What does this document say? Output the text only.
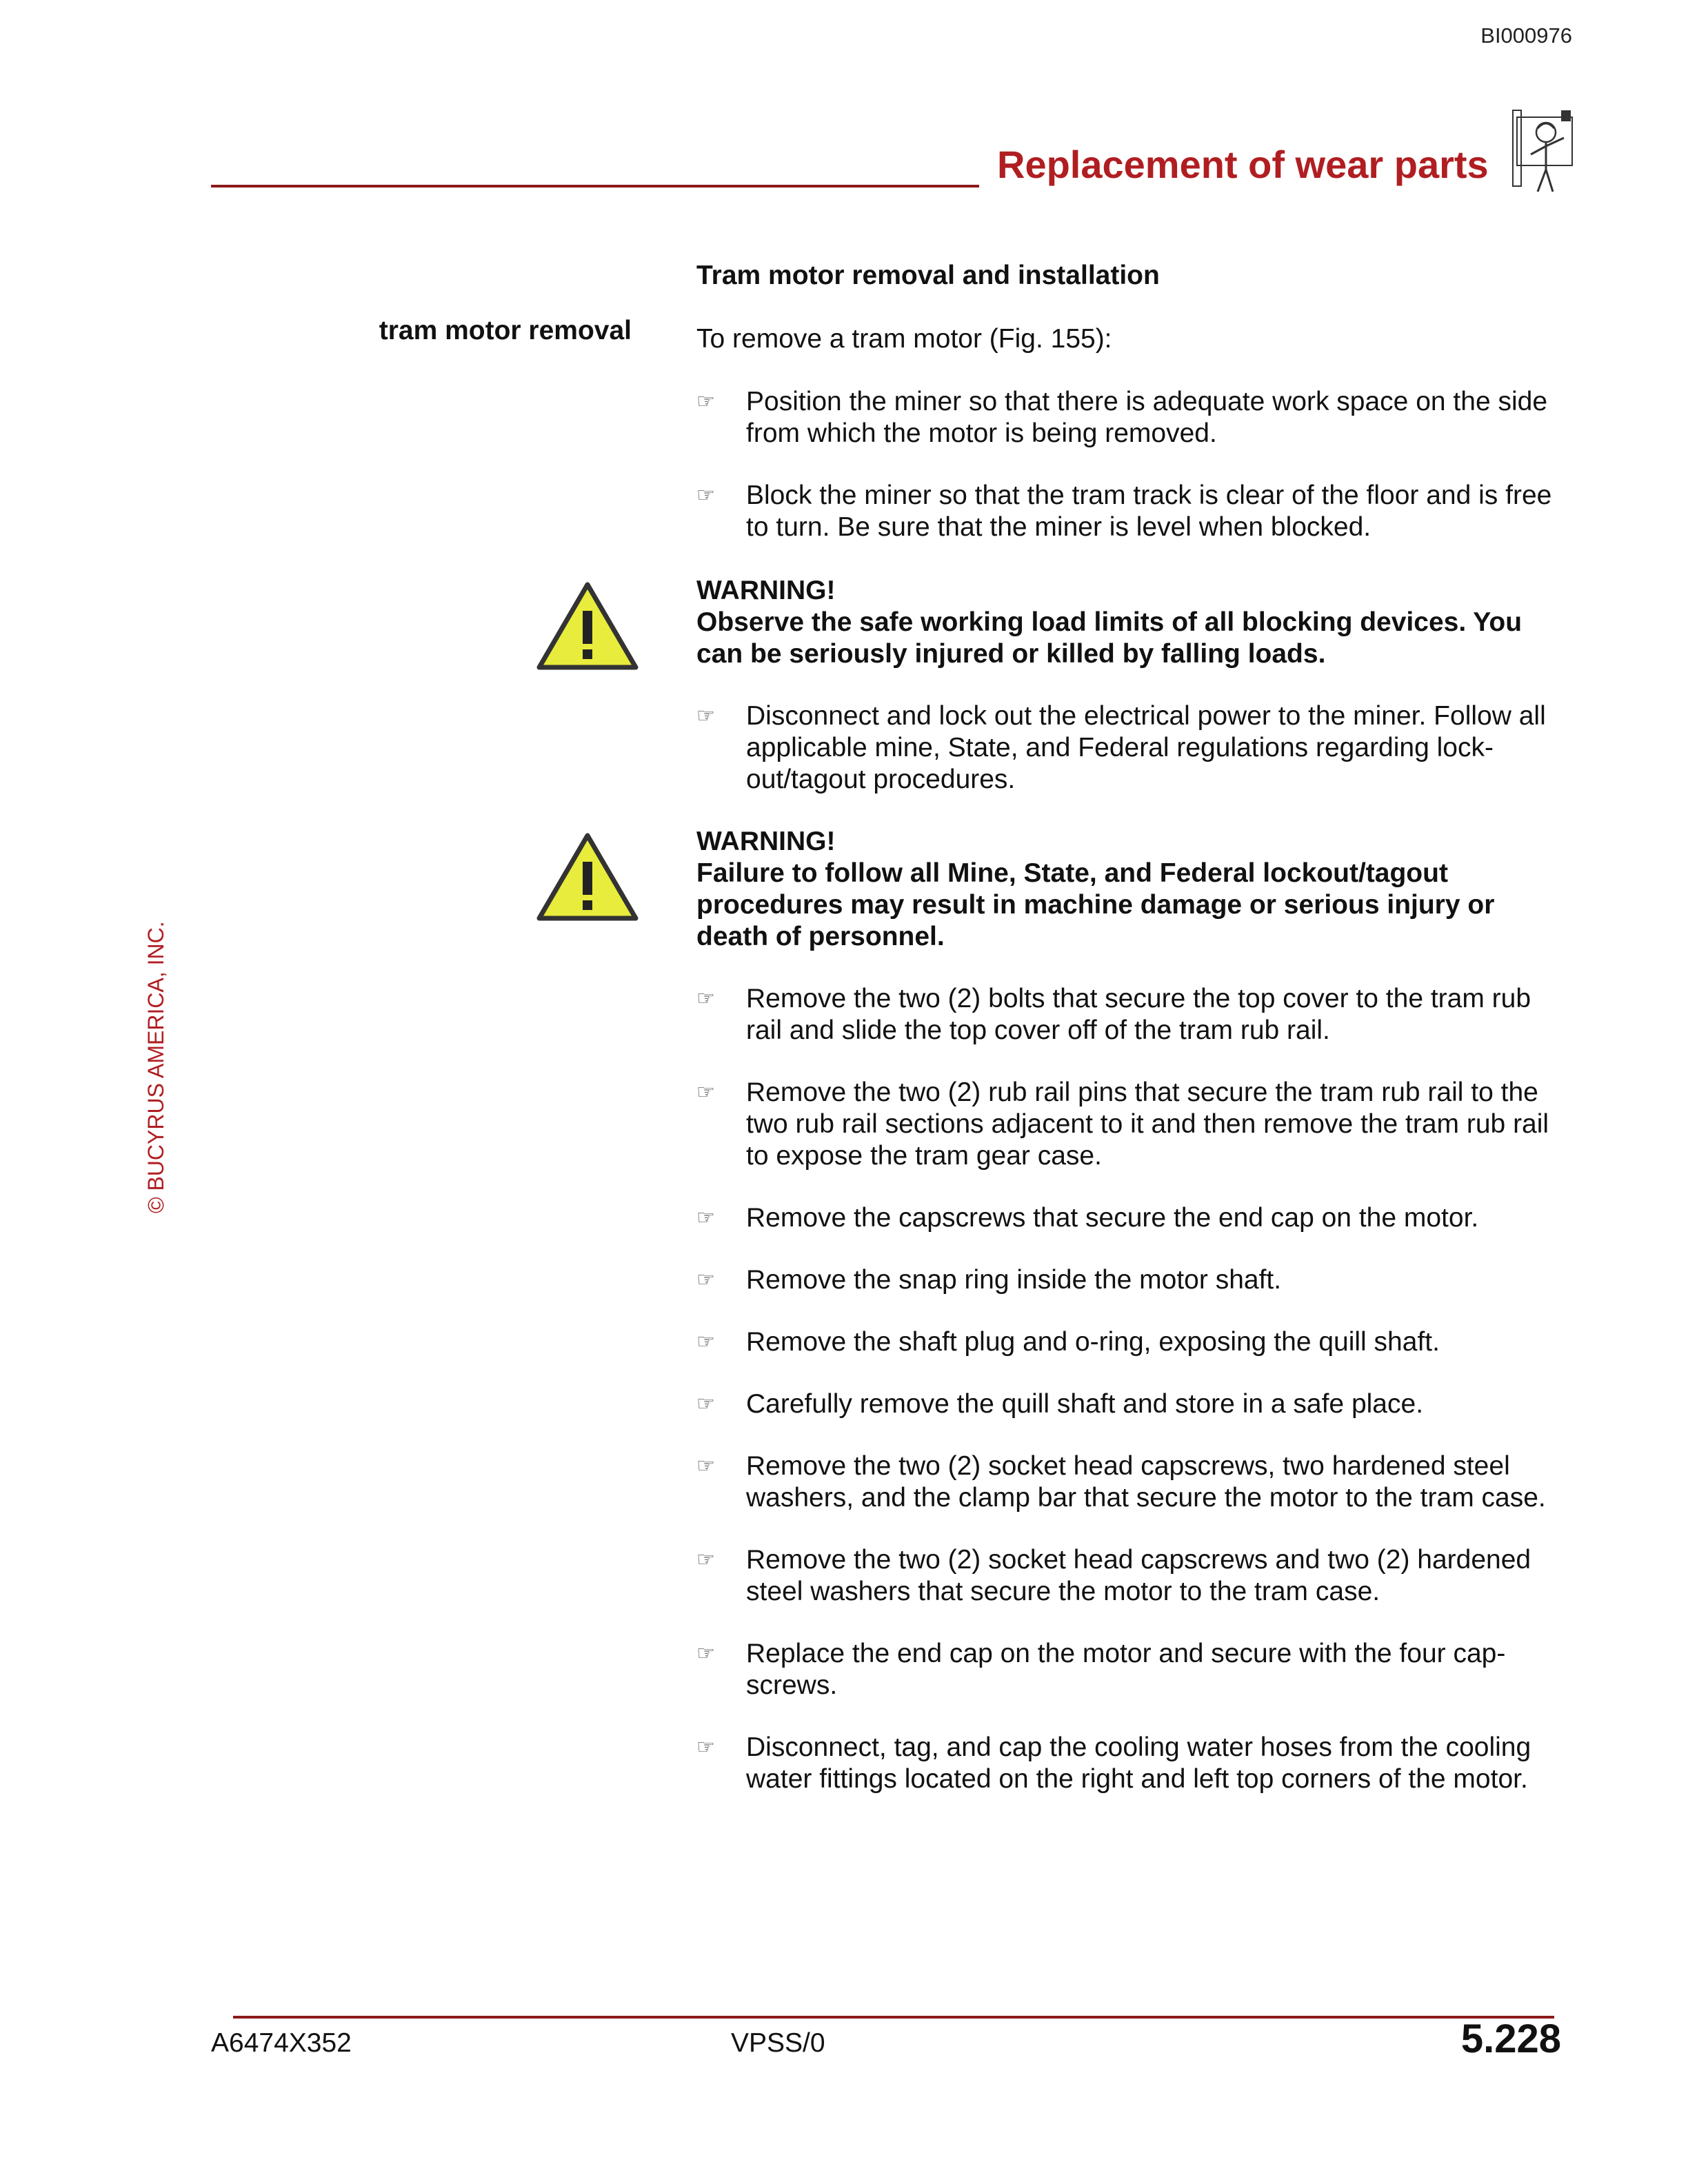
BI000976
Replacement of wear parts
© BUCYRUS AMERICA, INC.
Tram motor removal and installation
tram motor removal To remove a tram motor (Fig. 155):
☞	Position the miner so that there is adequate work space on the side from which the motor is being removed.
☞	Block the miner so that the tram track is clear of the floor and is free to turn. Be sure that the miner is level when blocked.
WARNING!
Observe the safe working load limits of all blocking devices. You can be seriously injured or killed by falling loads.
☞	Disconnect and lock out the electrical power to the miner. Follow all applicable mine, State, and Federal regulations regarding lock-out/tagout procedures.
WARNING!
Failure to follow all Mine, State, and Federal lockout/tagout procedures may result in machine damage or serious injury or death of personnel.
☞	Remove the two (2) bolts that secure the top cover to the tram rub rail and slide the top cover off of the tram rub rail.
☞	Remove the two (2) rub rail pins that secure the tram rub rail to the two rub rail sections adjacent to it and then remove the tram rub rail to expose the tram gear case.
☞	Remove the capscrews that secure the end cap on the motor.
☞	Remove the snap ring inside the motor shaft.
☞	Remove the shaft plug and o-ring, exposing the quill shaft.
☞	Carefully remove the quill shaft and store in a safe place.
☞	Remove the two (2) socket head capscrews, two hardened steel washers, and the clamp bar that secure the motor to the tram case.
☞	Remove the two (2) socket head capscrews and two (2) hardened steel washers that secure the motor to the tram case.
☞	Replace the end cap on the motor and secure with the four cap-screws.
☞	Disconnect, tag, and cap the cooling water hoses from the cooling water fittings located on the right and left top corners of the motor.
A6474X352	VPSS/0	5.228
